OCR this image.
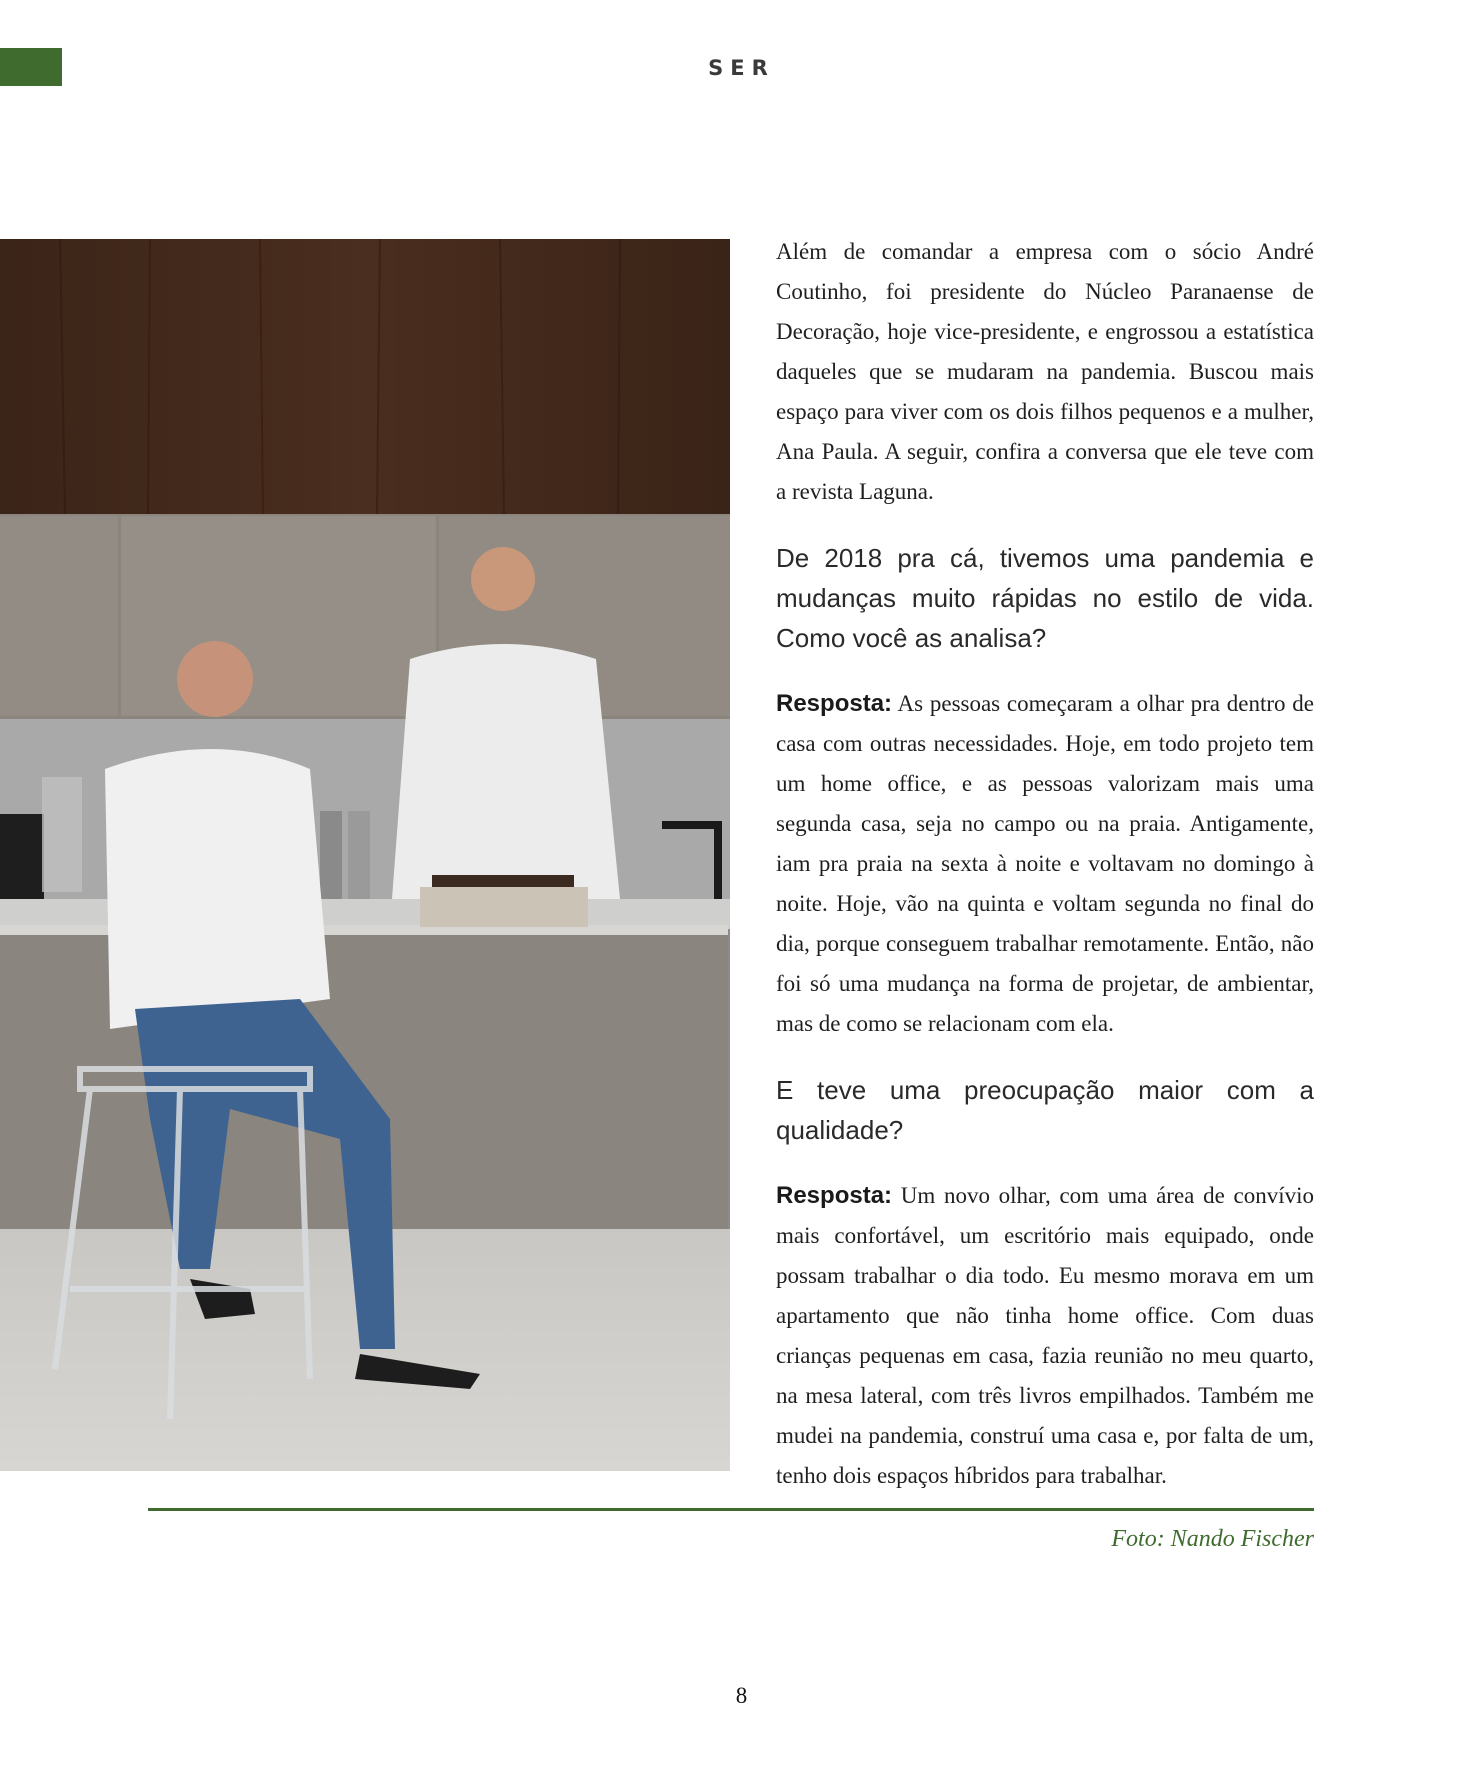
SER

Além de comandar a empresa com o sócio André Coutinho, foi presidente do Núcleo Paranaense de Decoração, hoje vice-presidente, e engrossou a estatística daqueles que se mudaram na pandemia. Buscou mais espaço para viver com os dois filhos pequenos e a mulher, Ana Paula. A seguir, confira a conversa que ele teve com a revista Laguna.

De 2018 pra cá, tivemos uma pandemia e mudanças muito rápidas no estilo de vida. Como você as analisa?

Resposta: As pessoas começaram a olhar pra dentro de casa com outras necessidades. Hoje, em todo projeto tem um home office, e as pessoas valorizam mais uma segunda casa, seja no campo ou na praia. Antigamente, iam pra praia na sexta à noite e voltavam no domingo à noite. Hoje, vão na quinta e voltam segunda no final do dia, porque conseguem trabalhar remotamente. Então, não foi só uma mudança na forma de projetar, de ambientar, mas de como se relacionam com ela.

E teve uma preocupação maior com a qualidade?

Resposta: Um novo olhar, com uma área de convívio mais confortável, um escritório mais equipado, onde possam trabalhar o dia todo. Eu mesmo morava em um apartamento que não tinha home office. Com duas crianças pequenas em casa, fazia reunião no meu quarto, na mesa lateral, com três livros empilhados. Também me mudei na pandemia, construí uma casa e, por falta de um, tenho dois espaços híbridos para trabalhar.

Foto: Nando Fischer
8
